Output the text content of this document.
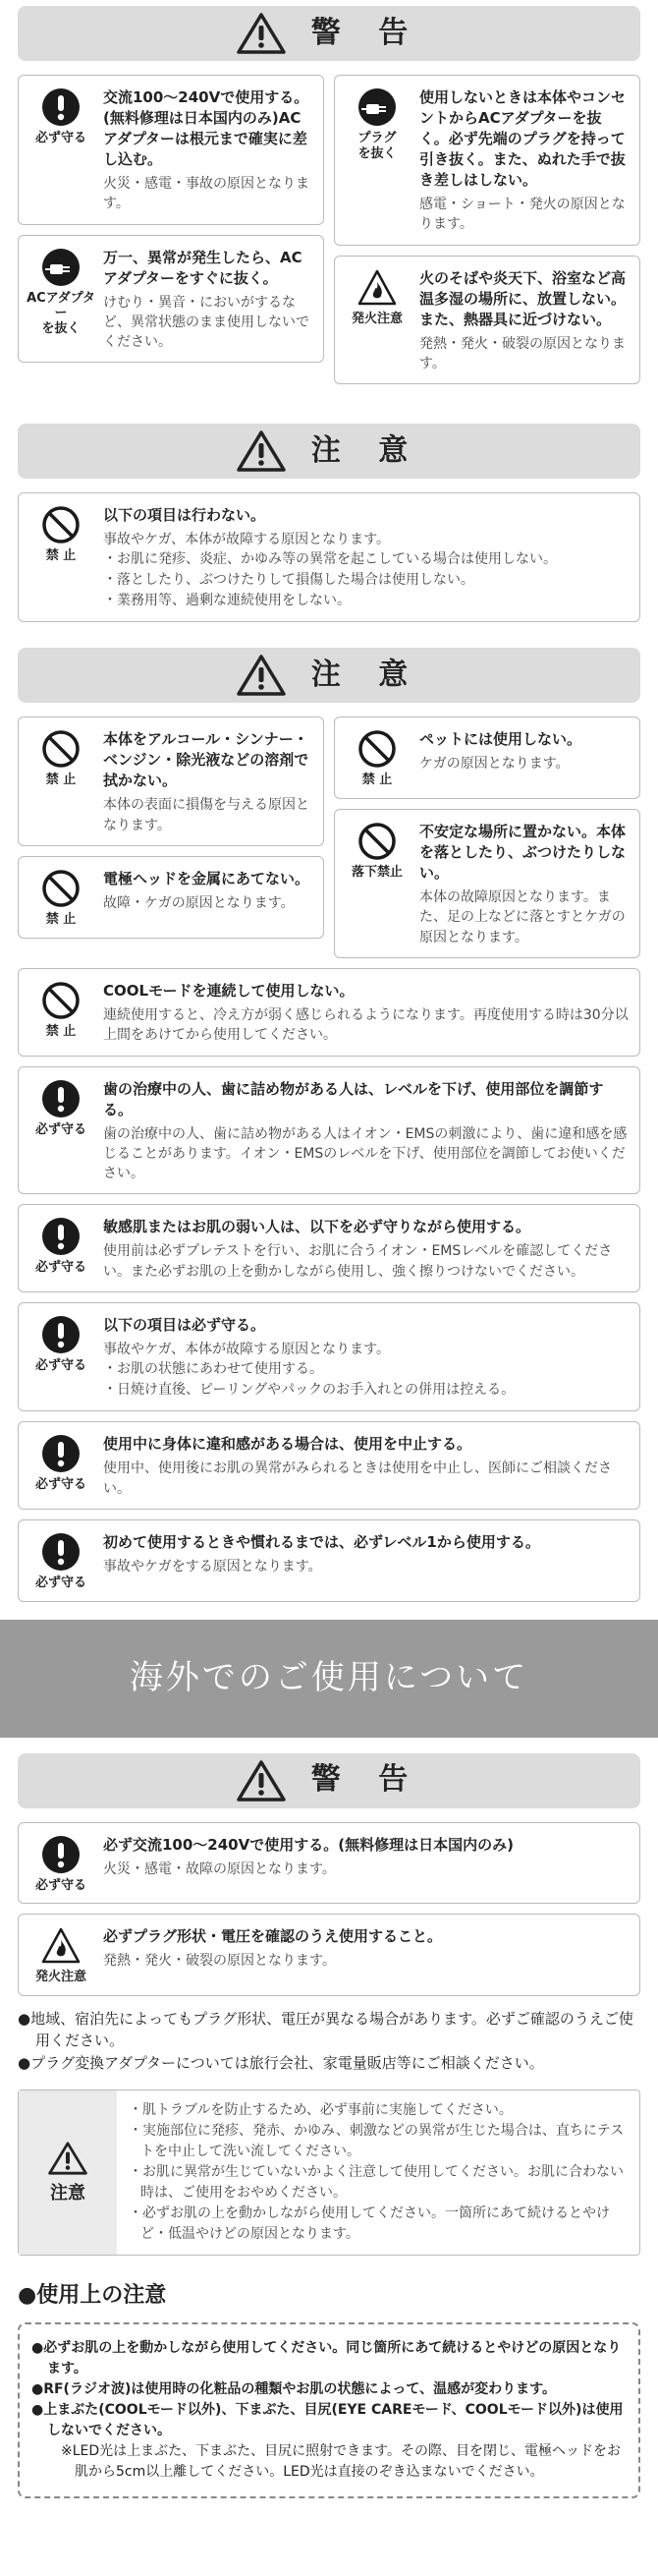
警 告
必ず守る
交流100〜240Vで使用する。(無料修理は日本国内のみ)ACアダプターは根元まで確実に差し込む。
火災・感電・事故の原因となります。
ACアダプター
を抜く
万一、異常が発生したら、ACアダプターをすぐに抜く。
けむり・異音・においがするなど、異常状態のまま使用しないでください。
プラグ
を抜く
使用しないときは本体やコンセントからACアダプターを抜く。必ず先端のプラグを持って引き抜く。また、ぬれた手で抜き差しはしない。
感電・ショート・発火の原因となります。
発火注意
火のそばや炎天下、浴室など高温多湿の場所に、放置しない。また、熱器具に近づけない。
発熱・発火・破裂の原因となります。
注 意
禁 止
以下の項目は行わない。
事故やケガ、本体が故障する原因となります。
・お肌に発疹、炎症、かゆみ等の異常を起こしている場合は使用しない。
・落としたり、ぶつけたりして損傷した場合は使用しない。
・業務用等、過剰な連続使用をしない。
注 意
禁 止
本体をアルコール・シンナー・ベンジン・除光液などの溶剤で拭かない。
本体の表面に損傷を与える原因となります。
禁 止
電極ヘッドを金属にあてない。
故障・ケガの原因となります。
禁 止
ペットには使用しない。
ケガの原因となります。
落下禁止
不安定な場所に置かない。本体を落としたり、ぶつけたりしない。
本体の故障原因となります。また、足の上などに落とすとケガの原因となります。
禁 止
COOLモードを連続して使用しない。
連続使用すると、冷え方が弱く感じられるようになります。再度使用する時は30分以上間をあけてから使用してください。
必ず守る
歯の治療中の人、歯に詰め物がある人は、レベルを下げ、使用部位を調節する。
歯の治療中の人、歯に詰め物がある人はイオン・EMSの刺激により、歯に違和感を感じることがあります。イオン・EMSのレベルを下げ、使用部位を調節してお使いください。
必ず守る
敏感肌またはお肌の弱い人は、以下を必ず守りながら使用する。
使用前は必ずプレテストを行い、お肌に合うイオン・EMSレベルを確認してください。また必ずお肌の上を動かしながら使用し、強く擦りつけないでください。
必ず守る
以下の項目は必ず守る。
事故やケガ、本体が故障する原因となります。
・お肌の状態にあわせて使用する。
・日焼け直後、ピーリングやパックのお手入れとの併用は控える。
必ず守る
使用中に身体に違和感がある場合は、使用を中止する。
使用中、使用後にお肌の異常がみられるときは使用を中止し、医師にご相談ください。
必ず守る
初めて使用するときや慣れるまでは、必ずレベル1から使用する。
事故やケガをする原因となります。
海外でのご使用について
警 告
必ず守る
必ず交流100〜240Vで使用する。(無料修理は日本国内のみ)
火災・感電・故障の原因となります。
発火注意
必ずプラグ形状・電圧を確認のうえ使用すること。
発熱・発火・破裂の原因となります。

●地域、宿泊先によってもプラグ形状、電圧が異なる場合があります。必ずご確認のうえご使用ください。

●プラグ変換アダプターについては旅行会社、家電量販店等にご相談ください。

注意

・肌トラブルを防止するため、必ず事前に実施してください。

・実施部位に発疹、発赤、かゆみ、刺激などの異常が生じた場合は、直ちにテストを中止して洗い流してください。

・お肌に異常が生じていないかよく注意して使用してください。お肌に合わない時は、ご使用をおやめください。

・必ずお肌の上を動かしながら使用してください。一箇所にあて続けるとやけど・低温やけどの原因となります。

●使用上の注意

●必ずお肌の上を動かしながら使用してください。同じ箇所にあて続けるとやけどの原因となります。

●RF(ラジオ波)は使用時の化粧品の種類やお肌の状態によって、温感が変わります。

●上まぶた(COOLモード以外)、下まぶた、目尻(EYE CAREモード、COOLモード以外)は使用しないでください。

※LED光は上まぶた、下まぶた、目尻に照射できます。その際、目を閉じ、電極ヘッドをお肌から5cm以上離してください。LED光は直接のぞき込まないでください。
